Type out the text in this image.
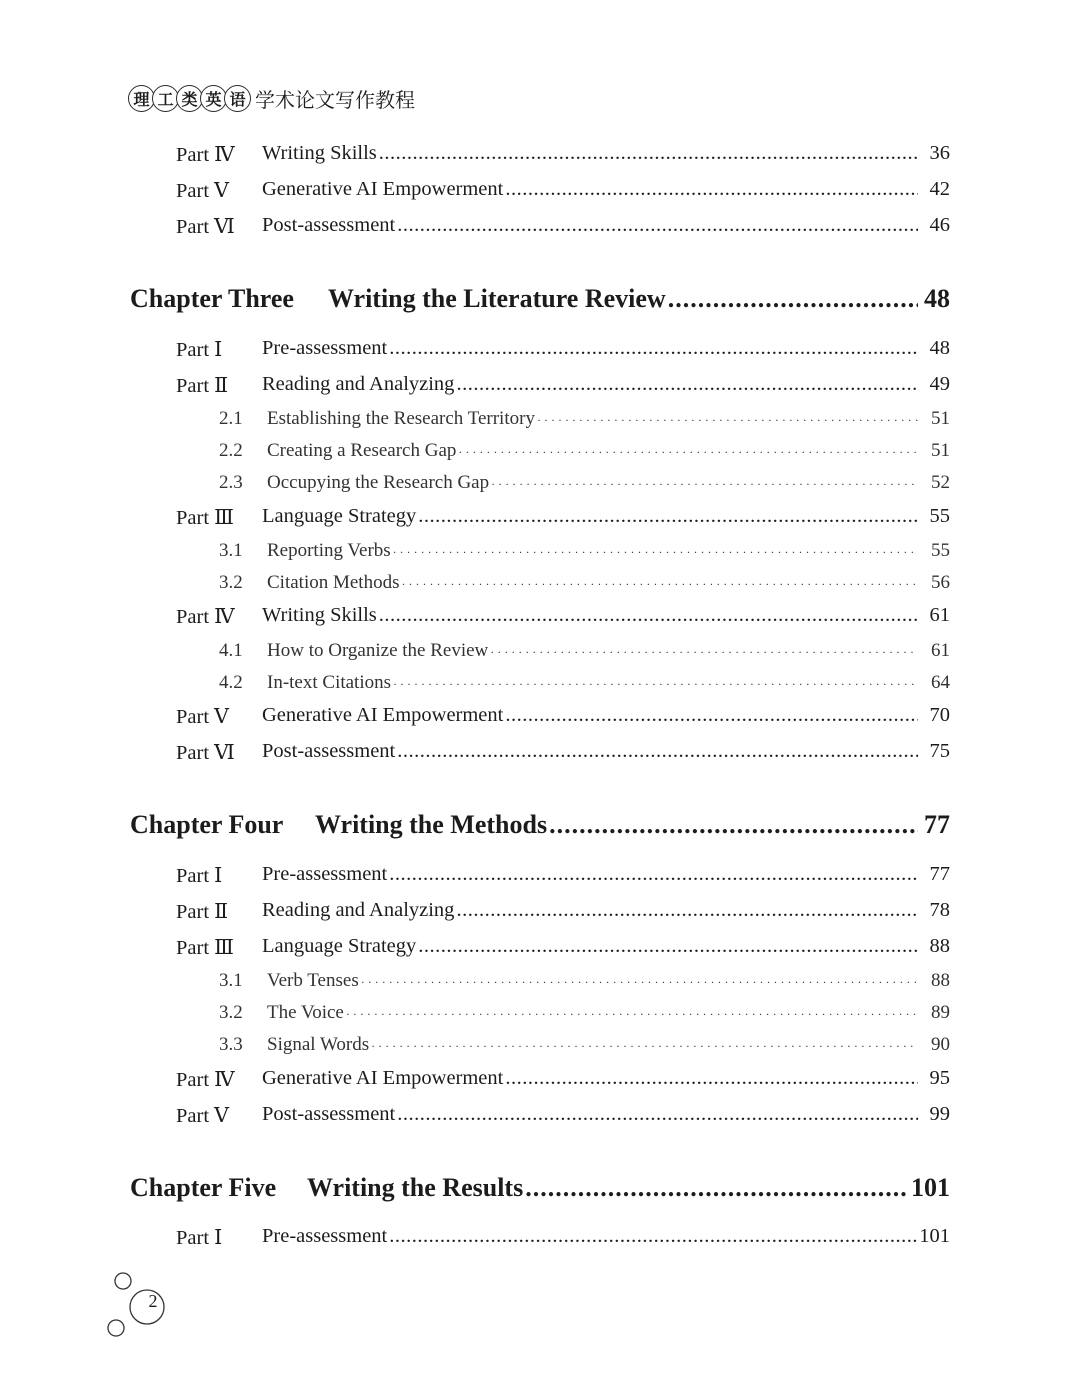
理 工 类 英 语 学术论文写作教程
Part Ⅳ Writing Skills .....	36
Part Ⅴ Generative AI Empowerment .....	42
Part Ⅵ Post-assessment .....	46
Chapter Three Writing the Literature Review .....	48
Part Ⅰ Pre-assessment .....	48
Part Ⅱ Reading and Analyzing .....	49
2.1 Establishing the Research Territory · · ·	51
2.2 Creating a Research Gap · · ·	51
2.3 Occupying the Research Gap · · ·	52
Part Ⅲ Language Strategy .....	55
3.1 Reporting Verbs · · ·	55
3.2 Citation Methods · · ·	56
Part Ⅳ Writing Skills .....	61
4.1 How to Organize the Review · · ·	61
4.2 In-text Citations · · ·	64
Part Ⅴ Generative AI Empowerment .....	70
Part Ⅵ Post-assessment .....	75
Chapter Four Writing the Methods .....	77
Part Ⅰ Pre-assessment .....	77
Part Ⅱ Reading and Analyzing .....	78
Part Ⅲ Language Strategy .....	88
3.1 Verb Tenses · · ·	88
3.2 The Voice · · ·	89
3.3 Signal Words · · ·	90
Part Ⅳ Generative AI Empowerment .....	95
Part Ⅴ Post-assessment .....	99
Chapter Five Writing the Results .....	101
Part Ⅰ Pre-assessment .....	101
2
